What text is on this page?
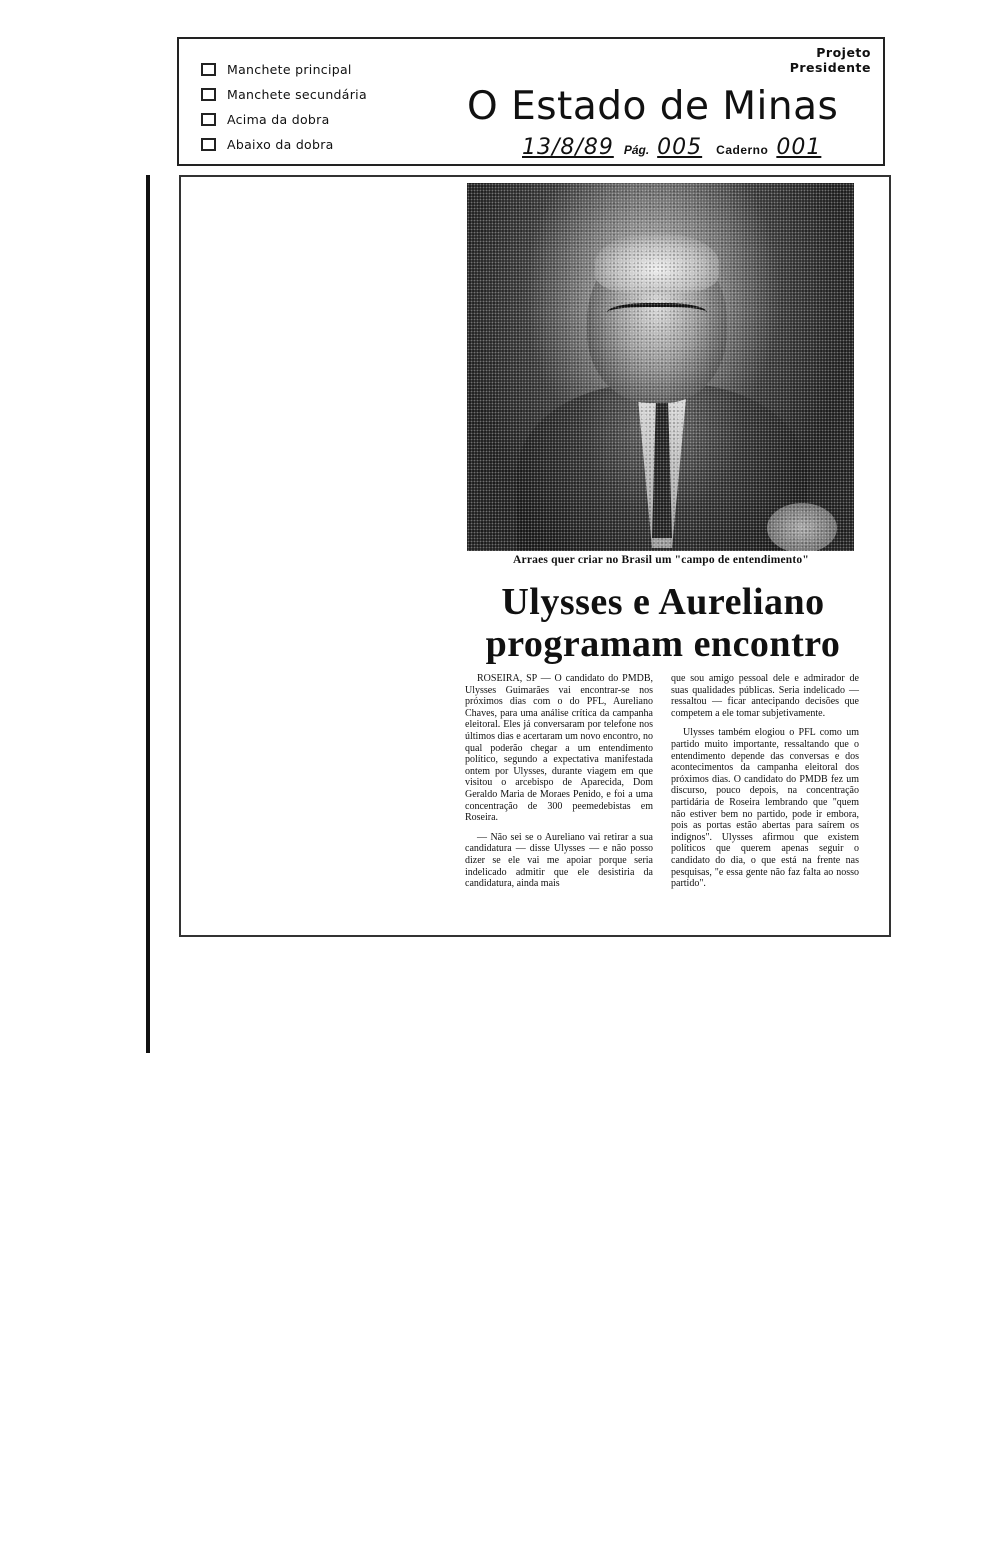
Manchete principal
Manchete secundária
Acima da dobra
Abaixo da dobra
Projeto
Presidente
O Estado de Minas
13/8/89 Pág. 005 Caderno 001
Arraes quer criar no Brasil um "campo de entendimento"
Ulysses e Aureliano
programam encontro

ROSEIRA, SP — O candidato do PMDB, Ulysses Guimarães vai encontrar-se nos próximos dias com o do PFL, Aureliano Chaves, para uma análise crítica da campanha eleitoral. Eles já conversaram por telefone nos últimos dias e acertaram um novo encontro, no qual poderão chegar a um entendimento político, segundo a expectativa manifestada ontem por Ulysses, durante viagem em que visitou o arcebispo de Aparecida, Dom Geraldo Maria de Moraes Penido, e foi a uma concentração de 300 peemedebistas em Roseira.

— Não sei se o Aureliano vai retirar a sua candidatura — disse Ulysses — e não posso dizer se ele vai me apoiar porque seria indelicado admitir que ele desistiria da candidatura, ainda mais

que sou amigo pessoal dele e admirador de suas qualidades públicas. Seria indelicado — ressaltou — ficar antecipando decisões que competem a ele tomar subjetivamente.

Ulysses também elogiou o PFL como um partido muito importante, ressaltando que o entendimento depende das conversas e dos acontecimentos da campanha eleitoral dos próximos dias. O candidato do PMDB fez um discurso, pouco depois, na concentração partidária de Roseira lembrando que "quem não estiver bem no partido, pode ir embora, pois as portas estão abertas para saírem os indignos". Ulysses afirmou que existem políticos que querem apenas seguir o candidato do dia, o que está na frente nas pesquisas, "e essa gente não faz falta ao nosso partido".
